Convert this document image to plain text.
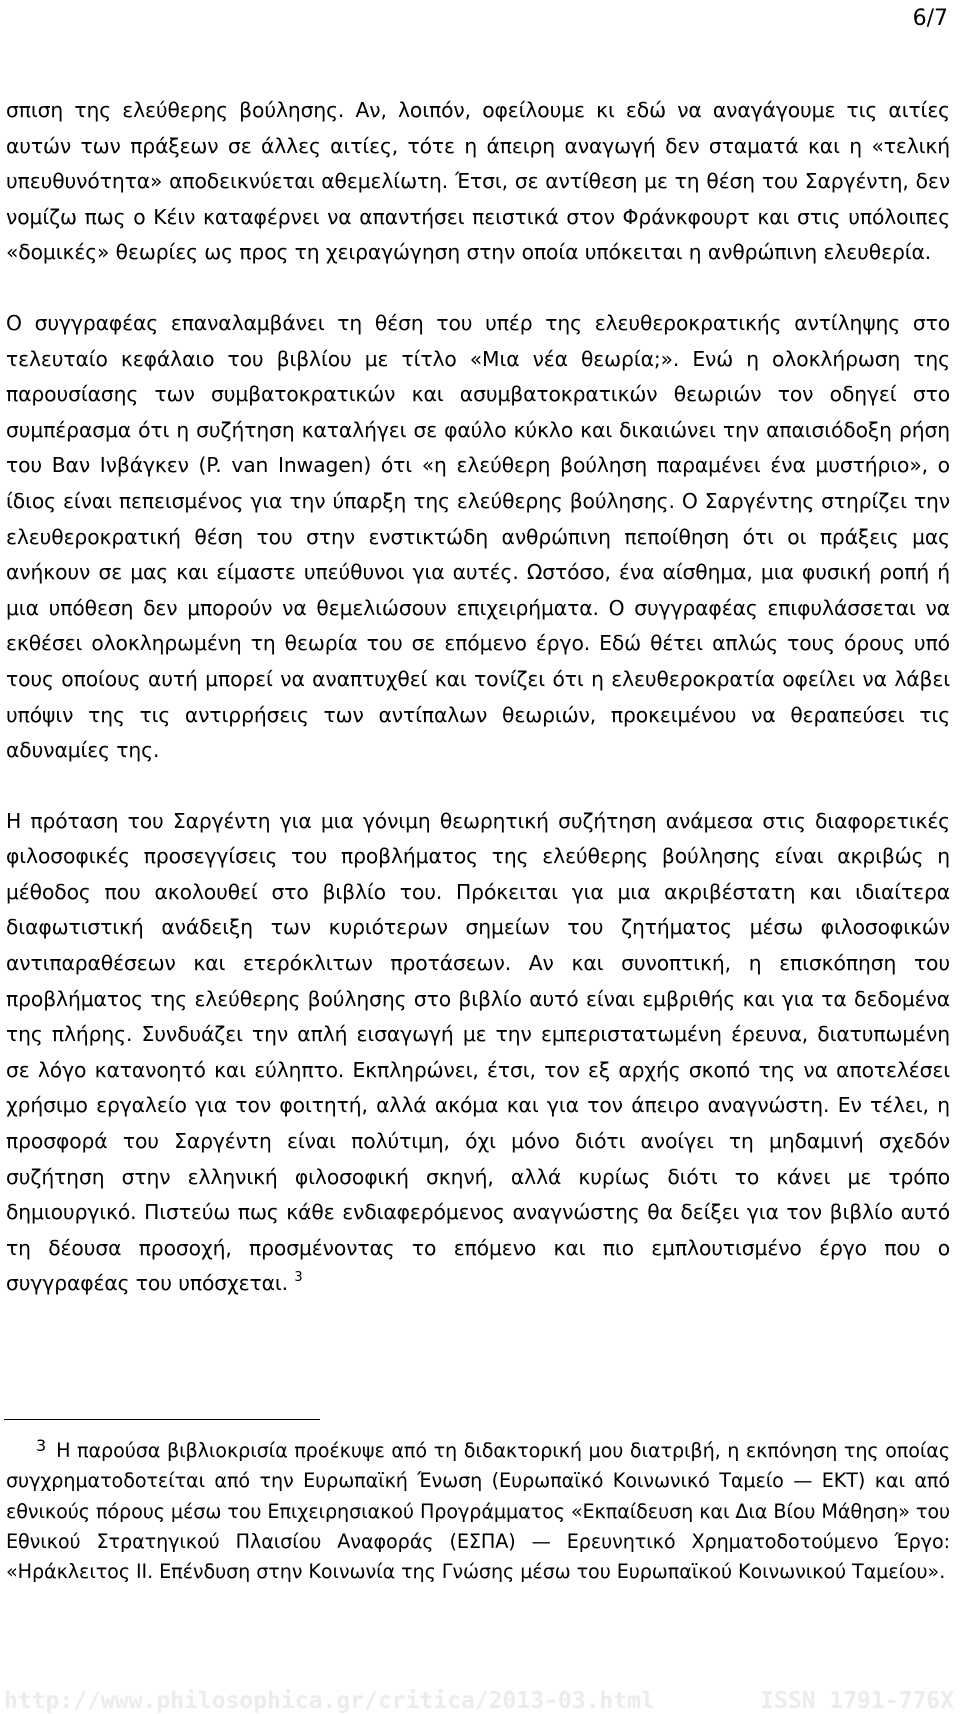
6/7

σπιση της ελεύθερης βούλησης. Αν, λοιπόν, οφείλουμε κι εδώ να αναγάγουμε τις αιτίες αυτών των πράξεων σε άλλες αιτίες, τότε η άπειρη αναγωγή δεν σταματά και η «τελική υπευθυνότητα» αποδεικνύεται αθεμελίωτη. Έτσι, σε αντίθεση με τη θέση του Σαργέντη, δεν νομίζω πως ο Κέιν καταφέρνει να απαντήσει πειστικά στον Φράνκφουρτ και στις υπόλοιπες «δομικές» θεωρίες ως προς τη χειραγώγηση στην οποία υπόκειται η ανθρώπινη ελευθερία.

Ο συγγραφέας επαναλαμβάνει τη θέση του υπέρ της ελευθεροκρατικής αντίληψης στο τελευταίο κεφάλαιο του βιβλίου με τίτλο «Μια νέα θεωρία;». Ενώ η ολοκλήρωση της παρουσίασης των συμβατοκρατικών και ασυμβατοκρατικών θεωριών τον οδηγεί στο συμπέρασμα ότι η συζήτηση καταλήγει σε φαύλο κύκλο και δικαιώνει την απαισιόδοξη ρήση του Βαν Ινβάγκεν (P. van Inwagen) ότι «η ελεύθερη βούληση παραμένει ένα μυστήριο», ο ίδιος είναι πεπεισμένος για την ύπαρξη της ελεύθερης βούλησης. Ο Σαργέντης στηρίζει την ελευθεροκρατική θέση του στην ενστικτώδη ανθρώπινη πεποίθηση ότι οι πράξεις μας ανήκουν σε μας και είμαστε υπεύθυνοι για αυτές. Ωστόσο, ένα αίσθημα, μια φυσική ροπή ή μια υπόθεση δεν μπορούν να θεμελιώσουν επιχειρήματα. Ο συγγραφέας επιφυλάσσεται να εκθέσει ολοκληρωμένη τη θεωρία του σε επόμενο έργο. Εδώ θέτει απλώς τους όρους υπό τους οποίους αυτή μπορεί να αναπτυχθεί και τονίζει ότι η ελευθεροκρατία οφείλει να λάβει υπόψιν της τις αντιρρήσεις των αντίπαλων θεωριών, προκειμένου να θεραπεύσει τις αδυναμίες της.

Η πρόταση του Σαργέντη για μια γόνιμη θεωρητική συζήτηση ανάμεσα στις διαφορετικές φιλοσοφικές προσεγγίσεις του προβλήματος της ελεύθερης βούλησης είναι ακριβώς η μέθοδος που ακολουθεί στο βιβλίο του. Πρόκειται για μια ακριβέστατη και ιδιαίτερα διαφωτιστική ανάδειξη των κυριότερων σημείων του ζητήματος μέσω φιλοσοφικών αντιπαραθέσεων και ετερόκλιτων προτάσεων. Αν και συνοπτική, η επισκόπηση του προβλήματος της ελεύθερης βούλησης στο βιβλίο αυτό είναι εμβριθής και για τα δεδομένα της πλήρης. Συνδυάζει την απλή εισαγωγή με την εμπεριστατωμένη έρευνα, διατυπωμένη σε λόγο κατανοητό και εύληπτο. Εκπληρώνει, έτσι, τον εξ αρχής σκοπό της να αποτελέσει χρήσιμο εργαλείο για τον φοιτητή, αλλά ακόμα και για τον άπειρο αναγνώστη. Εν τέλει, η προσφορά του Σαργέντη είναι πολύτιμη, όχι μόνο διότι ανοίγει τη μηδαμινή σχεδόν συζήτηση στην ελληνική φιλοσοφική σκηνή, αλλά κυρίως διότι το κάνει με τρόπο δημιουργικό. Πιστεύω πως κάθε ενδιαφερόμενος αναγνώστης θα δείξει για τον βιβλίο αυτό τη δέουσα προσοχή, προσμένοντας το επόμενο και πιο εμπλουτισμένο έργο που ο συγγραφέας του υπόσχεται. $^3$

3 Η παρούσα βιβλιοκρισία προέκυψε από τη διδακτορική μου διατριβή, η εκπόνηση της οποίας συγχρηματοδοτείται από την Ευρωπαϊκή Ένωση (Ευρωπαϊκό Κοινωνικό Ταμείο — ΕΚΤ) και από εθνικούς πόρους μέσω του Επιχειρησιακού Προγράμματος «Εκπαίδευση και Δια Βίου Μάθηση» του Εθνικού Στρατηγικού Πλαισίου Αναφοράς (ΕΣΠΑ) — Ερευνητικό Χρηματοδοτούμενο Έργο: «Ηράκλειτος ΙΙ. Επένδυση στην Κοινωνία της Γνώσης μέσω του Ευρωπαϊκού Κοινωνικού Ταμείου».

http://www.philosophica.gr/critica/2013-03.html	ISSN 1791-776X
